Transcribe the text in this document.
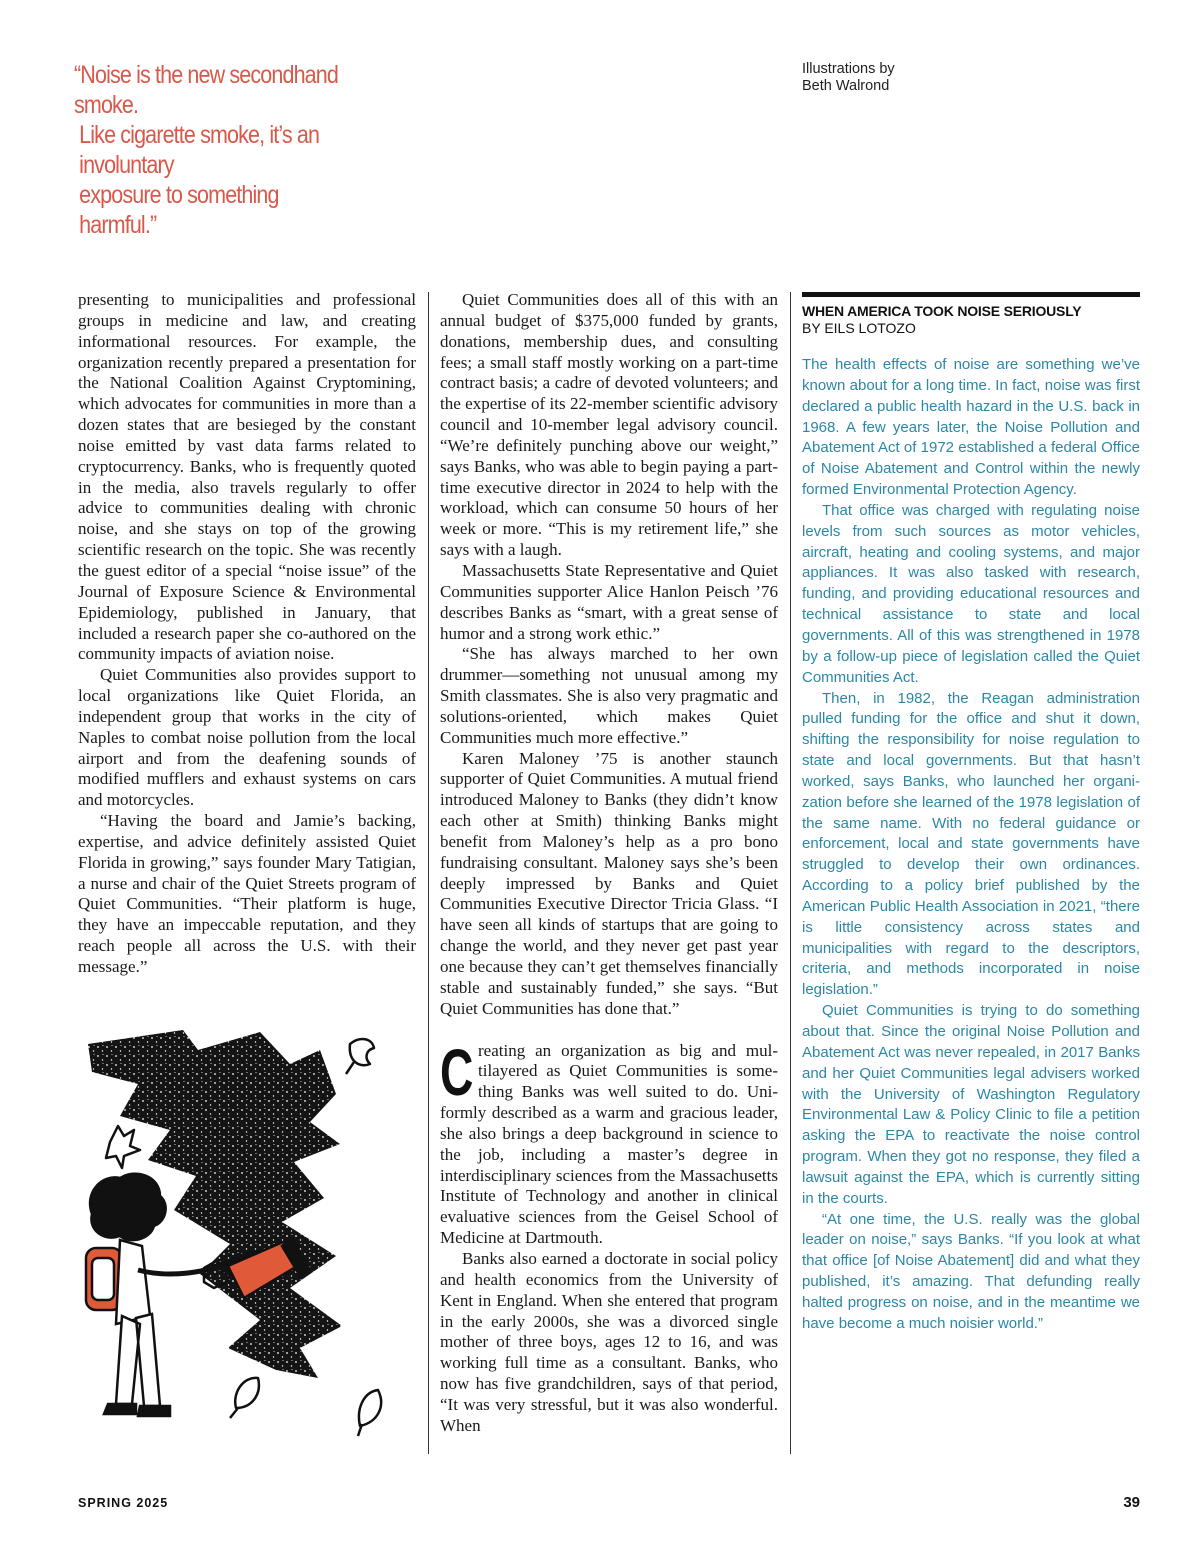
“Noise is the new secondhand smoke.
Like cigarette smoke, it’s an involuntary
exposure to something harmful.”
Illustrations by
Beth Walrond

presenting to municipalities and professional groups in medicine and law, and creating informational resources. For example, the organization recently prepared a presentation for the National Coalition Against Cryptomining, which advocates for communities in more than a dozen states that are besieged by the constant noise emitted by vast data farms related to cryptocurrency. Banks, who is frequently quoted in the media, also travels regularly to offer advice to communities dealing with chronic noise, and she stays on top of the growing scientific research on the topic. She was recently the guest editor of a special “noise issue” of the Journal of Exposure Science & Environmental Epidemiology, published in January, that included a research paper she co-authored on the community impacts of aviation noise.

Quiet Communities also provides support to local organizations like Quiet Florida, an independent group that works in the city of Naples to combat noise pollution from the local airport and from the deafening sounds of modified mufflers and exhaust systems on cars and motorcycles.

“Having the board and Jamie’s backing, expertise, and advice definitely assisted Quiet Florida in growing,” says founder Mary Tatigian, a nurse and chair of the Quiet Streets program of Quiet Communities. “Their platform is huge, they have an impeccable reputation, and they reach people all across the U.S. with their message.”

Quiet Communities does all of this with an annual budget of $375,000 funded by grants, donations, membership dues, and consulting fees; a small staff mostly working on a part-time contract basis; a cadre of devoted volunteers; and the expertise of its 22-member scientific advisory council and 10-member legal advisory council. “We’re definitely punching above our weight,” says Banks, who was able to begin paying a part-time executive director in 2024 to help with the workload, which can consume 50 hours of her week or more. “This is my retirement life,” she says with a laugh.

Massachusetts State Representative and Quiet Communities supporter Alice Hanlon Peisch ’76 describes Banks as “smart, with a great sense of humor and a strong work ethic.”

“She has always marched to her own drummer—something not unusual among my Smith classmates. She is also very pragmatic and solutions-oriented, which makes Quiet Communities much more effective.”

Karen Maloney ’75 is another staunch supporter of Quiet Communities. A mutual friend introduced Maloney to Banks (they didn’t know each other at Smith) thinking Banks might benefit from Maloney’s help as a pro bono fundraising consultant. Maloney says she’s been deeply impressed by Banks and Quiet Communities Executive Director Tricia Glass. “I have seen all kinds of startups that are going to change the world, and they never get past year one because they can’t get themselves financially stable and sustainably funded,” she says. “But Quiet Communities has done that.”

Creating an organization as big and multilayered as Quiet Communities is something Banks was well suited to do. Uniformly described as a warm and gracious leader, she also brings a deep background in science to the job, including a master’s degree in interdisciplinary sciences from the Massachusetts Institute of Technology and another in clinical evaluative sciences from the Geisel School of Medicine at Dartmouth.

Banks also earned a doctorate in social policy and health economics from the University of Kent in England. When she entered that program in the early 2000s, she was a divorced single mother of three boys, ages 12 to 16, and was working full time as a consultant. Banks, who now has five grandchildren, says of that period, “It was very stressful, but it was also wonderful. When

WHEN AMERICA TOOK NOISE SERIOUSLY

BY EILS LOTOZO

The health effects of noise are something we’ve known about for a long time. In fact, noise was first declared a public health hazard in the U.S. back in 1968. A few years later, the Noise Pollution and Abatement Act of 1972 established a federal Office of Noise Abatement and Control within the newly formed Environmental Protection Agency.

That office was charged with regulating noise levels from such sources as motor vehicles, aircraft, heating and cooling systems, and major appliances. It was also tasked with research, funding, and providing educational resources and technical assistance to state and local governments. All of this was strengthened in 1978 by a follow-up piece of legislation called the Quiet Communities Act.

Then, in 1982, the Reagan administration pulled funding for the office and shut it down, shifting the responsibility for noise regulation to state and local governments. But that hasn’t worked, says Banks, who launched her organization before she learned of the 1978 legislation of the same name. With no federal guidance or enforcement, local and state governments have struggled to develop their own ordinances. According to a policy brief published by the American Public Health Association in 2021, “there is little consistency across states and municipalities with regard to the descriptors, criteria, and methods incorporated in noise legislation.”

Quiet Communities is trying to do something about that. Since the original Noise Pollution and Abatement Act was never repealed, in 2017 Banks and her Quiet Communities legal advisers worked with the University of Washington Regulatory Environmental Law & Policy Clinic to file a petition asking the EPA to reactivate the noise control program. When they got no response, they filed a lawsuit against the EPA, which is currently sitting in the courts.

“At one time, the U.S. really was the global leader on noise,” says Banks. “If you look at what that office [of Noise Abatement] did and what they published, it’s amazing. That defunding really halted progress on noise, and in the meantime we have become a much noisier world.”

SPRING 2025	39
